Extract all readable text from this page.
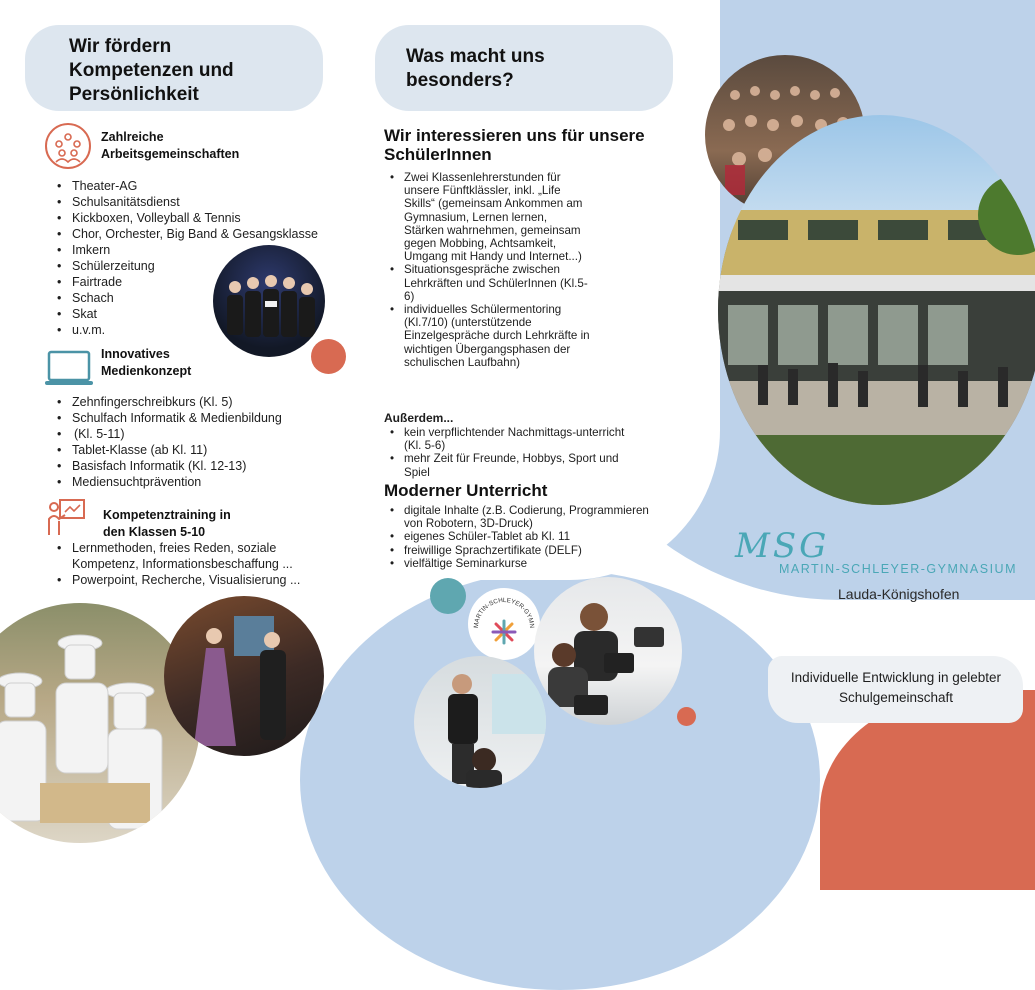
Wir fördern Kompetenzen und Persönlichkeit
Zahlreiche Arbeitsgemeinschaften
• Theater-AG
• Schulsanitätsdienst
• Kickboxen, Volleyball & Tennis
• Chor, Orchester, Big Band & Gesangsklasse
• Imkern
• Schülerzeitung
• Fairtrade
• Schach
• Skat
• u.v.m.
Innovatives Medienkonzept
• Zehnfingerschreibkurs (Kl. 5)
• Schulfach Informatik & Medienbildung
• (Kl. 5-11)
• Tablet-Klasse (ab Kl. 11)
• Basisfach Informatik (Kl. 12-13)
• Mediensuchtprävention
Kompetenztraining in den Klassen 5-10
• Lernmethoden, freies Reden, soziale Kompetenz, Informationsbeschaffung ...
• Powerpoint, Recherche, Visualisierung ...
Was macht uns besonders?
Wir interessieren uns für unsere SchülerInnen
• Zwei Klassenlehrerstunden für unsere Fünftklässler, inkl. „Life Skills“ (gemeinsam Ankommen am Gymnasium, Lernen lernen, Stärken wahrnehmen, gemeinsam gegen Mobbing, Achtsamkeit, Umgang mit Handy und Internet...)
• Situationsgespräche zwischen Lehrkräften und SchülerInnen (Kl.5-6)
• individuelles Schülermentoring (Kl.7/10) (unterstützende Einzelgespräche durch Lehrkräfte in wichtigen Übergangsphasen der schulischen Laufbahn)
Außerdem...
• kein verpflichtender Nachmittags-unterricht (Kl. 5-6)
• mehr Zeit für Freunde, Hobbys, Sport und Spiel
Moderner Unterricht
• digitale Inhalte (z.B. Codierung, Programmieren von Robotern, 3D-Druck)
• eigenes Schüler-Tablet ab Kl. 11
• freiwillige Sprachzertifikate (DELF)
• vielfältige Seminarkurse
MARTIN-SCHLEYER-GYMN
MSG
MARTIN-SCHLEYER-GYMNASIUM
Lauda-Königshofen
Individuelle Entwicklung in gelebter Schulgemeinschaft
